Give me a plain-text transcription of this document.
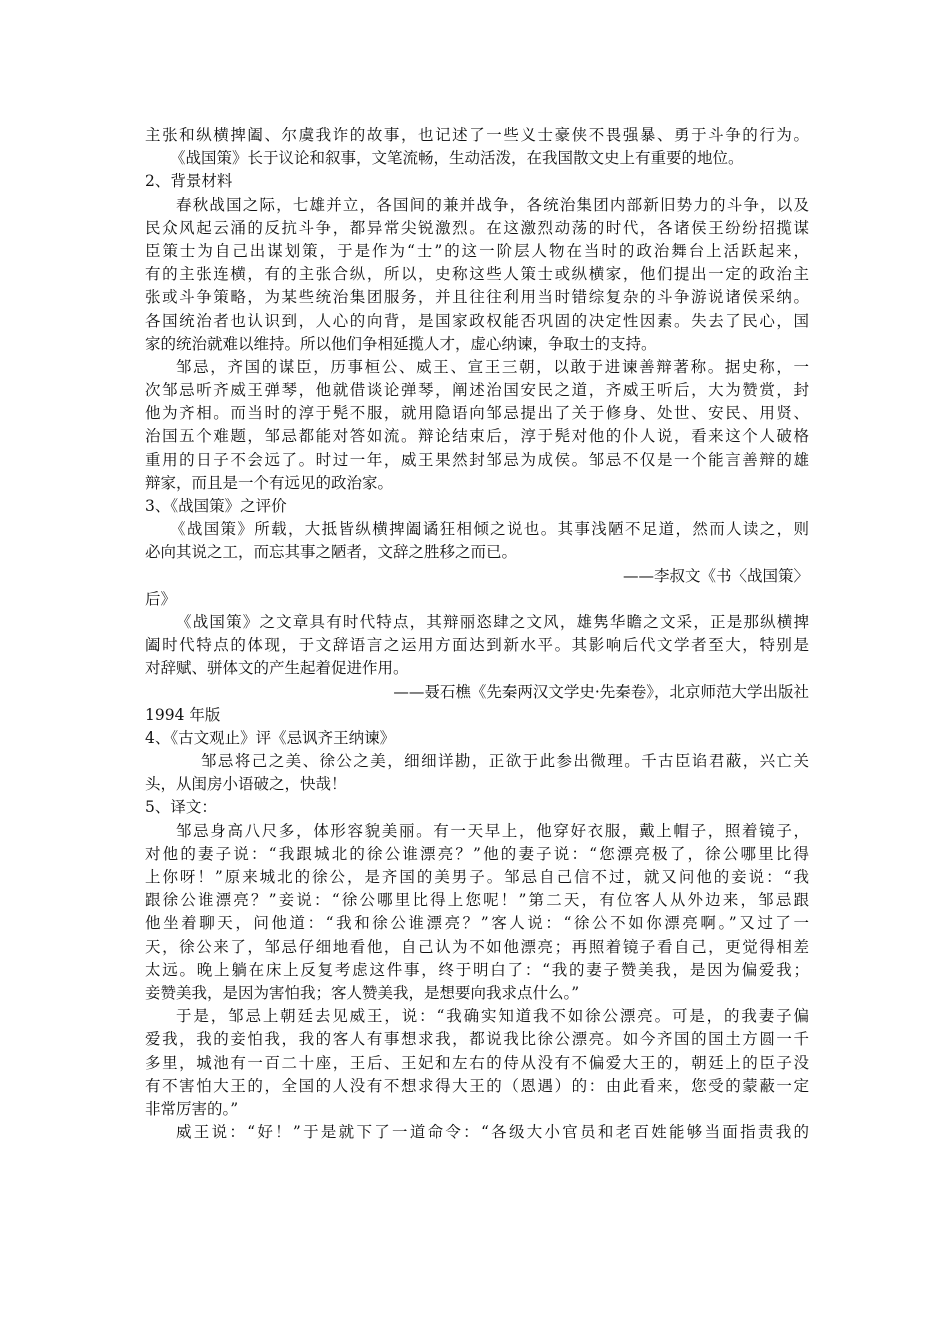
主张和纵横捭阖、尔虞我诈的故事，也记述了一些义士豪侠不畏强暴、勇于斗争的行为。
《战国策》长于议论和叙事，文笔流畅，生动活泼，在我国散文史上有重要的地位。
2、背景材料
春秋战国之际，七雄并立，各国间的兼并战争，各统治集团内部新旧势力的斗争，以及
民众风起云涌的反抗斗争，都异常尖锐激烈。在这激烈动荡的时代，各诸侯王纷纷招揽谋
臣策士为自己出谋划策，于是作为“士”的这一阶层人物在当时的政治舞台上活跃起来，
有的主张连横，有的主张合纵，所以，史称这些人策士或纵横家，他们提出一定的政治主
张或斗争策略，为某些统治集团服务，并且往往利用当时错综复杂的斗争游说诸侯采纳。
各国统治者也认识到，人心的向背，是国家政权能否巩固的决定性因素。失去了民心，国
家的统治就难以维持。所以他们争相延揽人才，虚心纳谏，争取士的支持。
邹忌，齐国的谋臣，历事桓公、威王、宣王三朝，以敢于进谏善辩著称。据史称，一
次邹忌听齐威王弹琴，他就借谈论弹琴，阐述治国安民之道，齐威王听后，大为赞赏，封
他为齐相。而当时的淳于髡不服，就用隐语向邹忌提出了关于修身、处世、安民、用贤、
治国五个难题，邹忌都能对答如流。辩论结束后，淳于髡对他的仆人说，看来这个人破格
重用的日子不会远了。时过一年，威王果然封邹忌为成侯。邹忌不仅是一个能言善辩的雄
辩家，而且是一个有远见的政治家。
3、《战国策》之评价
《战国策》所载，大抵皆纵横捭阖谲狂相倾之说也。其事浅陋不足道，然而人读之，则
必向其说之工，而忘其事之陋者，文辞之胜移之而已。
——李叔文《书〈战国策〉
后》
《战国策》之文章具有时代特点，其辩丽恣肆之文风，雄隽华瞻之文采，正是那纵横捭
阖时代特点的体现，于文辞语言之运用方面达到新水平。其影响后代文学者至大，特别是
对辞赋、骈体文的产生起着促进作用。
——聂石樵《先秦两汉文学史·先秦卷》，北京师范大学出版社
1994 年版
4、《古文观止》评《忌讽齐王纳谏》
邹忌将己之美、徐公之美，细细详勘，正欲于此参出微理。千古臣谄君蔽，兴亡关
头，从闺房小语破之，快哉！
5、译文：
邹忌身高八尺多，体形容貌美丽。有一天早上，他穿好衣服，戴上帽子，照着镜子，
对他的妻子说：“我跟城北的徐公谁漂亮？”他的妻子说：“您漂亮极了，徐公哪里比得
上你呀！”原来城北的徐公，是齐国的美男子。邹忌自己信不过，就又问他的妾说：“我
跟徐公谁漂亮？”妾说：“徐公哪里比得上您呢！”第二天，有位客人从外边来，邹忌跟
他坐着聊天，问他道：“我和徐公谁漂亮？”客人说：“徐公不如你漂亮啊。”又过了一
天，徐公来了，邹忌仔细地看他，自己认为不如他漂亮；再照着镜子看自己，更觉得相差
太远。晚上躺在床上反复考虑这件事，终于明白了：“我的妻子赞美我，是因为偏爱我；
妾赞美我，是因为害怕我；客人赞美我，是想要向我求点什么。”
于是，邹忌上朝廷去见威王，说：“我确实知道我不如徐公漂亮。可是，的我妻子偏
爱我，我的妾怕我，我的客人有事想求我，都说我比徐公漂亮。如今齐国的国土方圆一千
多里，城池有一百二十座，王后、王妃和左右的侍从没有不偏爱大王的，朝廷上的臣子没
有不害怕大王的，全国的人没有不想求得大王的（恩遇）的：由此看来，您受的蒙蔽一定
非常厉害的。”
威王说：“好！”于是就下了一道命令：“各级大小官员和老百姓能够当面指责我的
